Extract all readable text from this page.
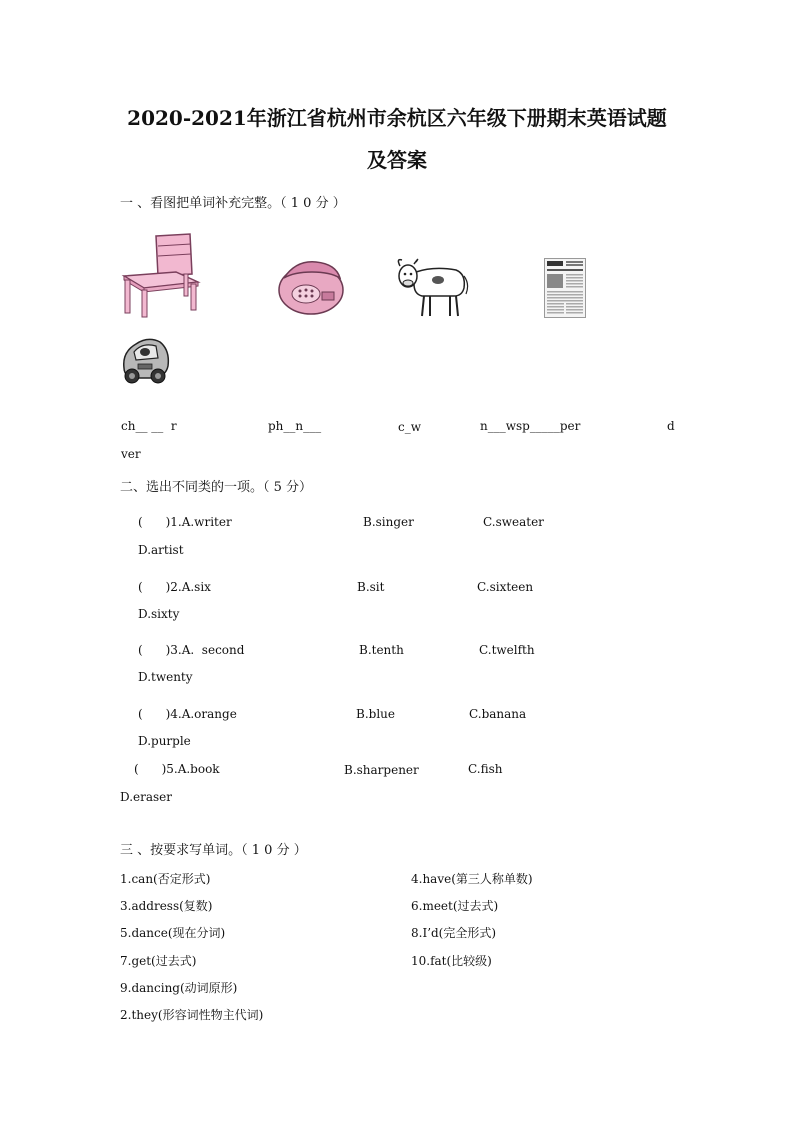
2020-2021年浙江省杭州市余杭区六年级下册期末英语试题
及答案
一 、看图把单词补充完整。（ 1 0 分 ）
ch__ __  r	ph__n___	c_w	n___wsp_____per	d
ver
二、选出不同类的一项。（ 5 分）
(      )1.A.writer	B.singer	C.sweater
D.artist
(      )2.A.six	B.sit	C.sixteen
D.sixty
(      )3.A.  second	B.tenth	C.twelfth
D.twenty
(      )4.A.orange	B.blue	C.banana
D.purple
(      )5.A.book	B.sharpener	C.fish
D.eraser
三 、按要求写单词。（ 1 0 分 ）
1.can(否定形式)
3.address(复数)
5.dance(现在分词)
7.get(过去式)
9.dancing(动词原形)
2.they(形容词性物主代词)
4.have(第三人称单数)
6.meet(过去式)
8.I’d(完全形式)
10.fat(比较级)
